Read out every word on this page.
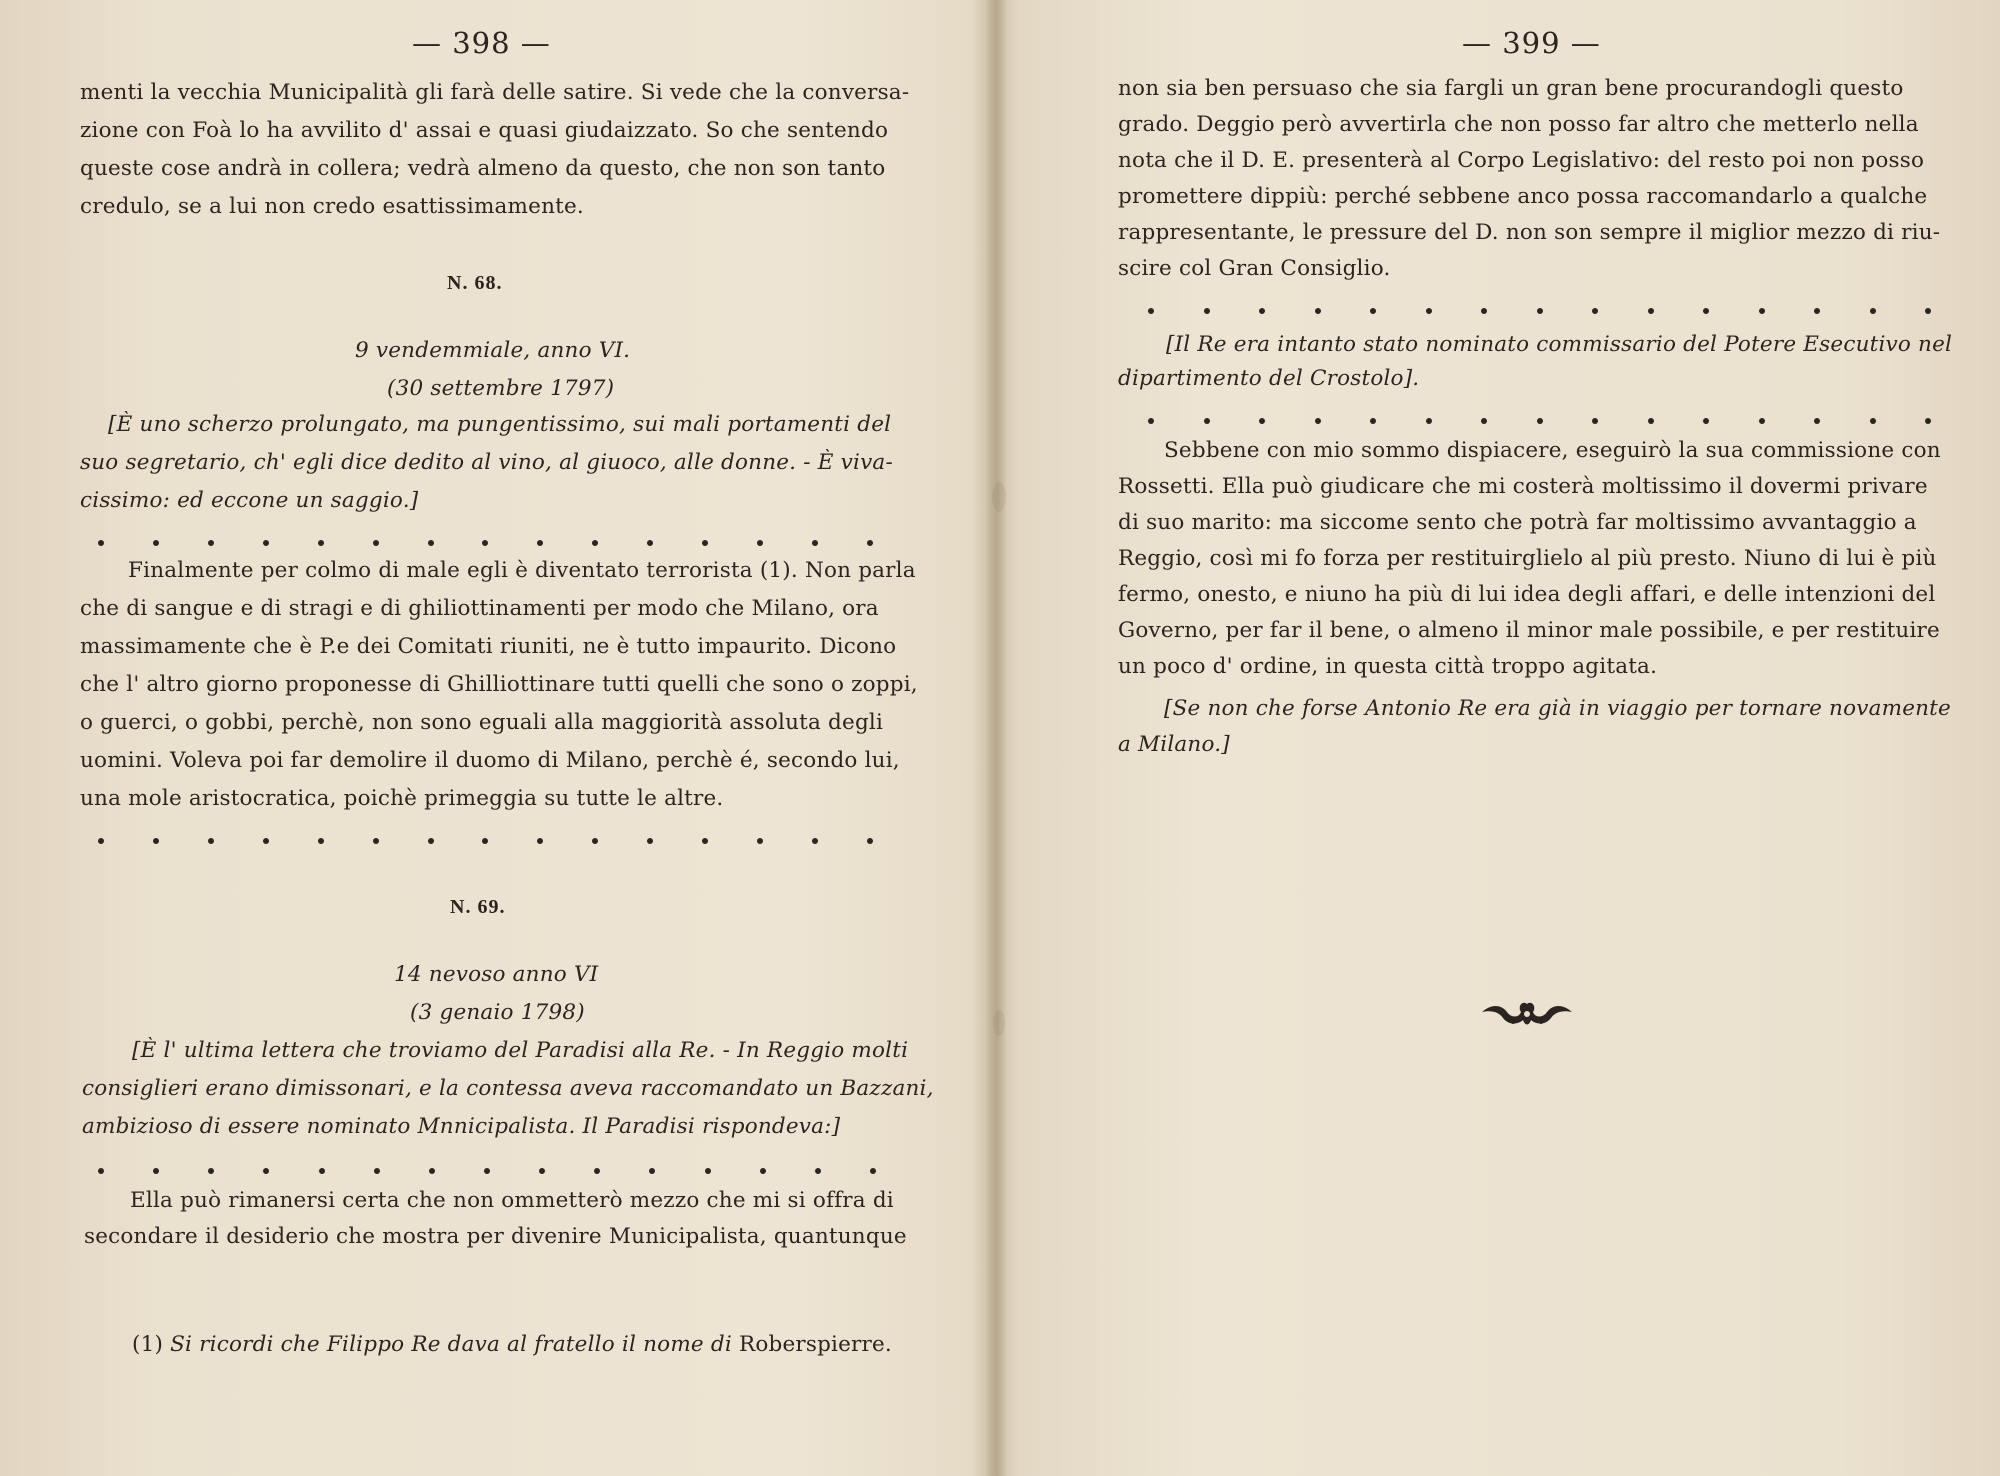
— 398 —
menti la vecchia Municipalità gli farà delle satire. Si vede che la conversa-
zione con Foà lo ha avvilito d' assai e quasi giudaizzato. So che sentendo
queste cose andrà in collera; vedrà almeno da questo, che non son tanto
credulo, se a lui non credo esattissimamente.
N. 68.
9 vendemmiale, anno VI.
(30 settembre 1797)
[È uno scherzo prolungato, ma pungentissimo, sui mali portamenti del
suo segretario, ch' egli dice dedito al vino, al giuoco, alle donne. - È viva-
cissimo: ed eccone un saggio.]
Finalmente per colmo di male egli è diventato terrorista (1). Non parla
che di sangue e di stragi e di ghiliottinamenti per modo che Milano, ora
massimamente che è P.e dei Comitati riuniti, ne è tutto impaurito. Dicono
che l' altro giorno proponesse di Ghilliottinare tutti quelli che sono o zoppi,
o guerci, o gobbi, perchè, non sono eguali alla maggiorità assoluta degli
uomini. Voleva poi far demolire il duomo di Milano, perchè é, secondo lui,
una mole aristocratica, poichè primeggia su tutte le altre.
N. 69.
14 nevoso anno VI
(3 genaio 1798)
[È l' ultima lettera che troviamo del Paradisi alla Re. - In Reggio molti
consiglieri erano dimissonari, e la contessa aveva raccomandato un Bazzani,
ambizioso di essere nominato Mnnicipalista. Il Paradisi rispondeva:]
Ella può rimanersi certa che non ommetterò mezzo che mi si offra di
secondare il desiderio che mostra per divenire Municipalista, quantunque
(1) Si ricordi che Filippo Re dava al fratello il nome di Roberspierre.
— 399 —
non sia ben persuaso che sia fargli un gran bene procurandogli questo
grado. Deggio però avvertirla che non posso far altro che metterlo nella
nota che il D. E. presenterà al Corpo Legislativo: del resto poi non posso
promettere dippiù: perché sebbene anco possa raccomandarlo a qualche
rappresentante, le pressure del D. non son sempre il miglior mezzo di riu-
scire col Gran Consiglio.
[Il Re era intanto stato nominato commissario del Potere Esecutivo nel
dipartimento del Crostolo].
Sebbene con mio sommo dispiacere, eseguirò la sua commissione con
Rossetti. Ella può giudicare che mi costerà moltissimo il dovermi privare
di suo marito: ma siccome sento che potrà far moltissimo avvantaggio a
Reggio, così mi fo forza per restituirglielo al più presto. Niuno di lui è più
fermo, onesto, e niuno ha più di lui idea degli affari, e delle intenzioni del
Governo, per far il bene, o almeno il minor male possibile, e per restituire
un poco d' ordine, in questa città troppo agitata.
[Se non che forse Antonio Re era già in viaggio per tornare novamente
a Milano.]
